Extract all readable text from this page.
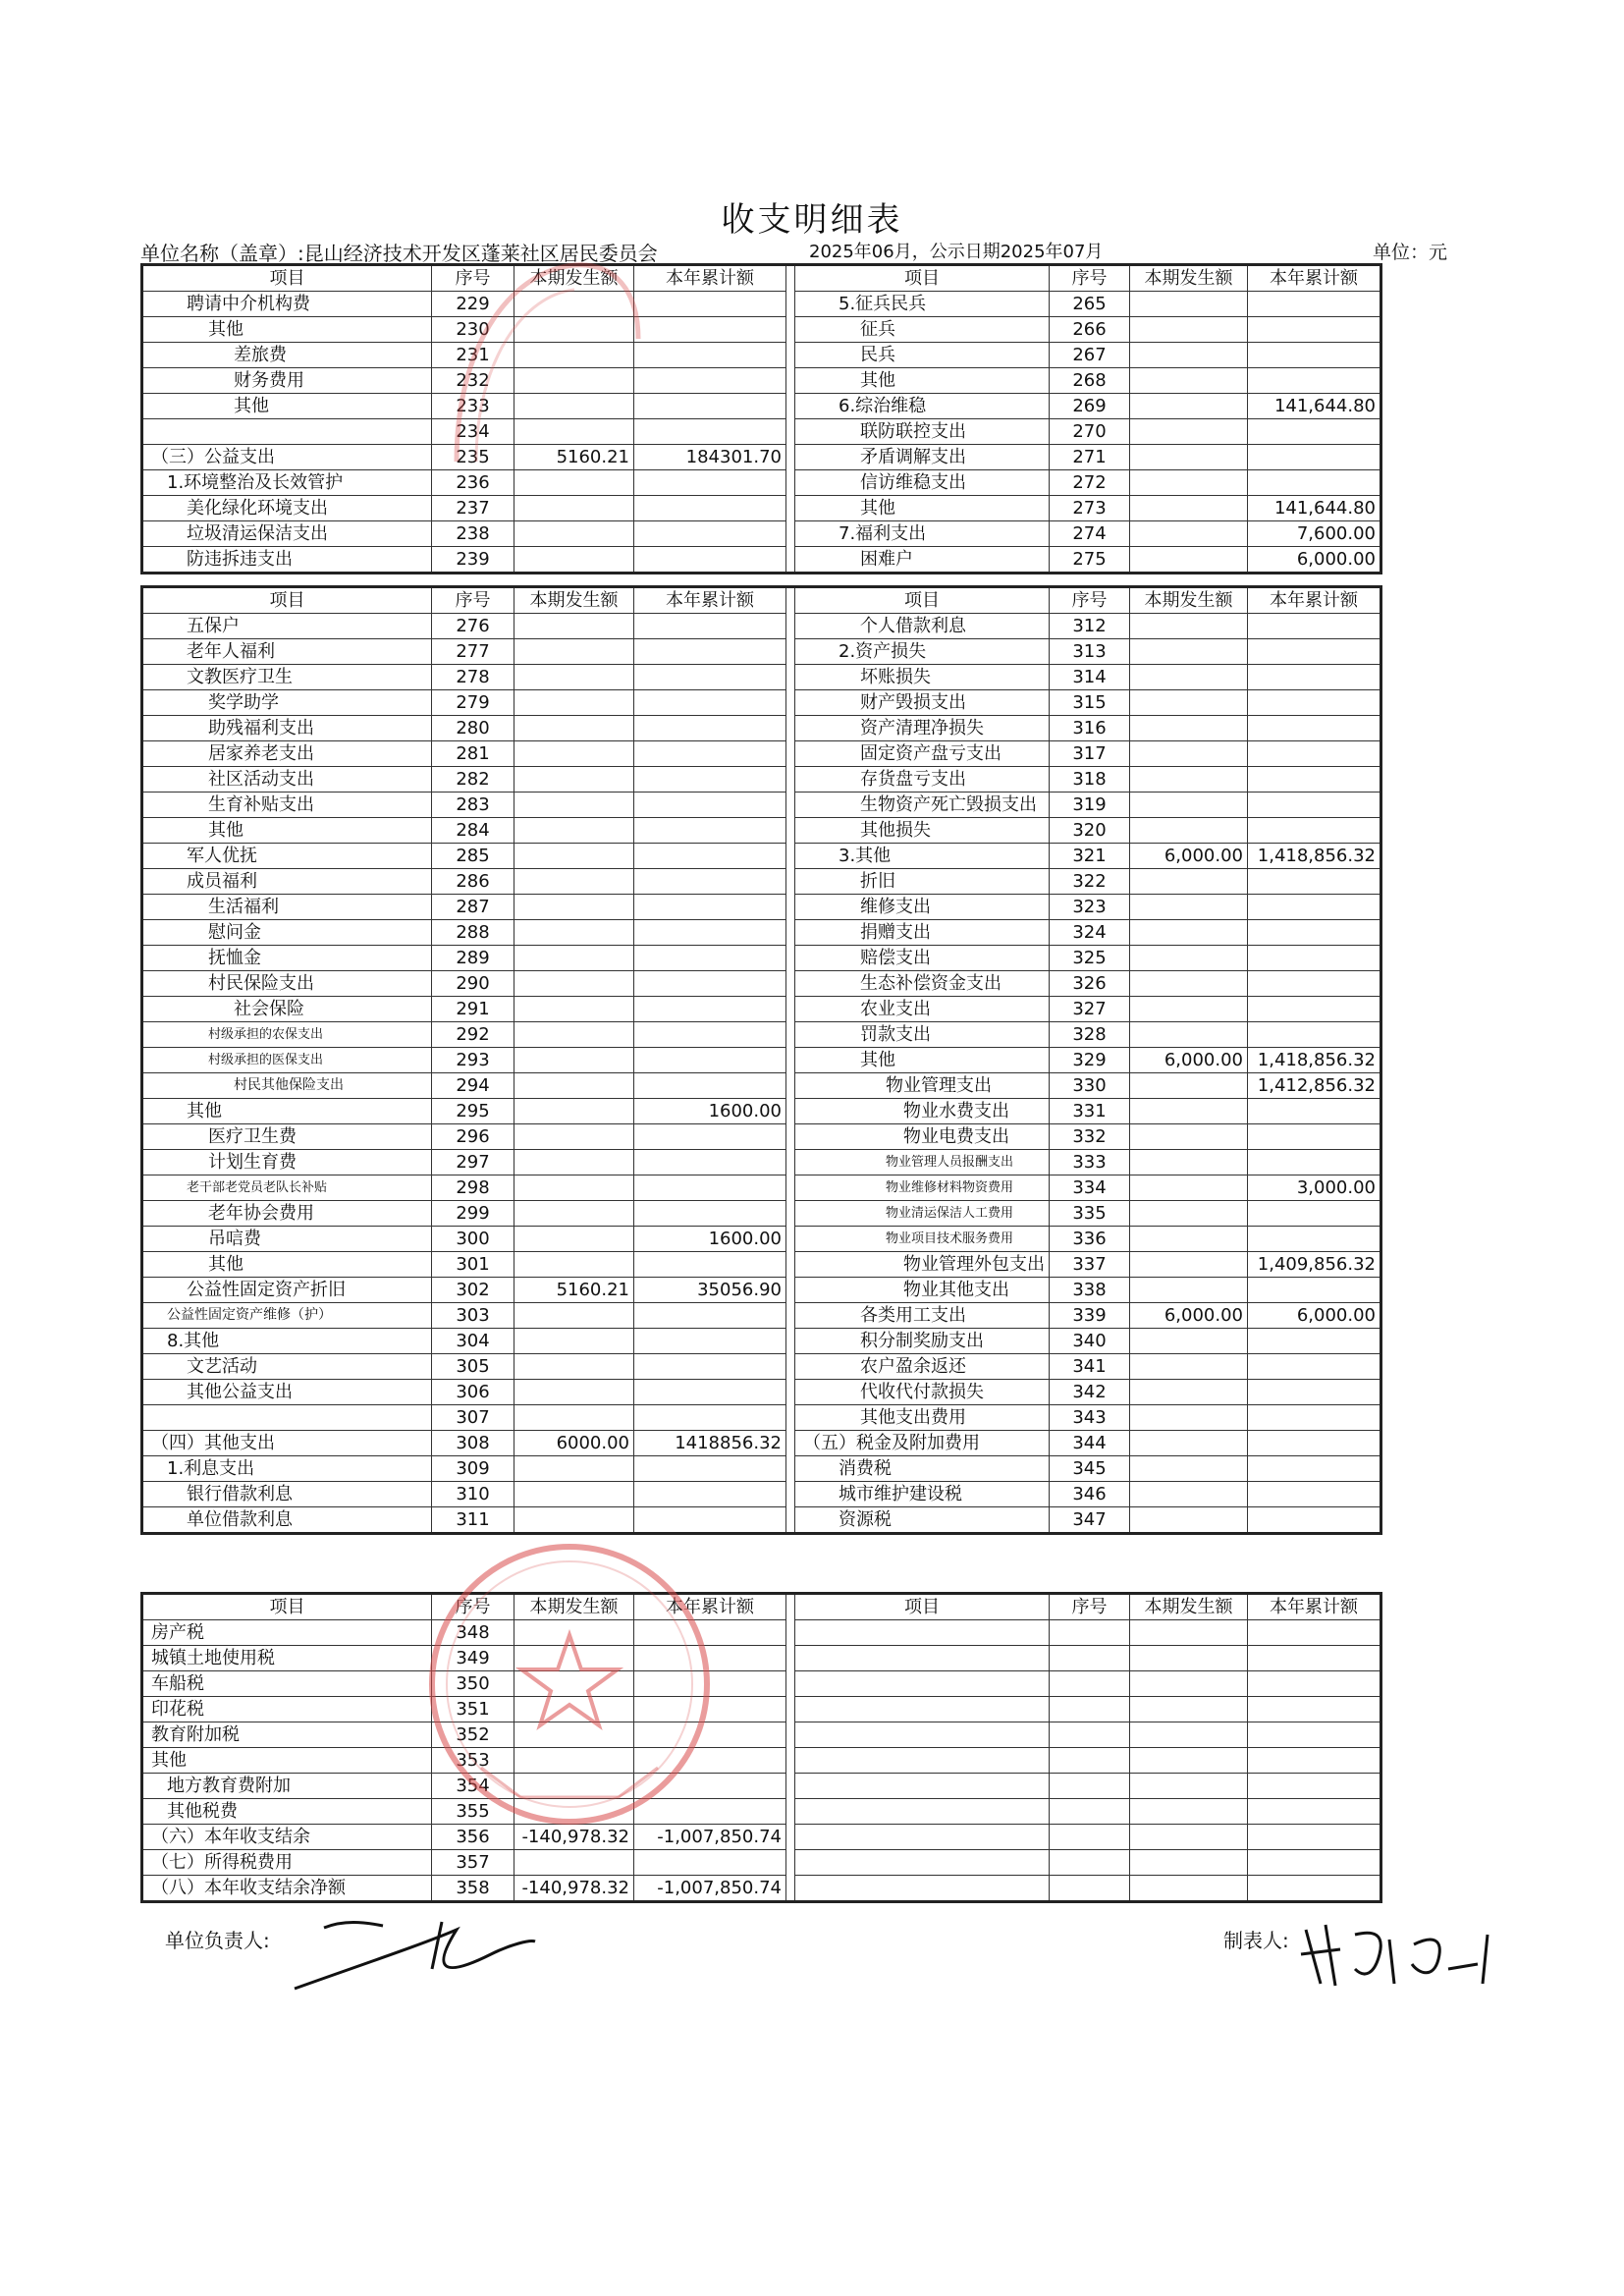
收支明细表
单位名称（盖章）:昆山经济技术开发区蓬莱社区居民委员会	2025年06月，公示日期2025年07月	单位：元
项目	序号	本期发生额	本年累计额		项目	序号	本期发生额	本年累计额
聘请中介机构费	229				5.征兵民兵	265		
其他	230				征兵	266		
差旅费	231				民兵	267		
财务费用	232				其他	268		
其他	233				6.综治维稳	269		141,644.80
	234				联防联控支出	270		
（三）公益支出	235	5160.21	184301.70		矛盾调解支出	271		
1.环境整治及长效管护	236				信访维稳支出	272		
美化绿化环境支出	237				其他	273		141,644.80
垃圾清运保洁支出	238				7.福利支出	274		7,600.00
防违拆违支出	239				困难户	275		6,000.00
项目	序号	本期发生额	本年累计额		项目	序号	本期发生额	本年累计额
五保户	276				个人借款利息	312		
老年人福利	277				2.资产损失	313		
文教医疗卫生	278				坏账损失	314		
奖学助学	279				财产毁损支出	315		
助残福利支出	280				资产清理净损失	316		
居家养老支出	281				固定资产盘亏支出	317		
社区活动支出	282				存货盘亏支出	318		
生育补贴支出	283				生物资产死亡毁损支出	319		
其他	284				其他损失	320		
军人优抚	285				3.其他	321	6,000.00	1,418,856.32
成员福利	286				折旧	322		
生活福利	287				维修支出	323		
慰问金	288				捐赠支出	324		
抚恤金	289				赔偿支出	325		
村民保险支出	290				生态补偿资金支出	326		
社会保险	291				农业支出	327		
村级承担的农保支出	292				罚款支出	328		
村级承担的医保支出	293				其他	329	6,000.00	1,418,856.32
村民其他保险支出	294				物业管理支出	330		1,412,856.32
其他	295		1600.00		物业水费支出	331		
医疗卫生费	296				物业电费支出	332		
计划生育费	297				物业管理人员报酬支出	333		
老干部老党员老队长补贴	298				物业维修材料物资费用	334		3,000.00
老年协会费用	299				物业清运保洁人工费用	335		
吊唁费	300		1600.00		物业项目技术服务费用	336		
其他	301				物业管理外包支出	337		1,409,856.32
公益性固定资产折旧	302	5160.21	35056.90		物业其他支出	338		
公益性固定资产维修（护）	303				各类用工支出	339	6,000.00	6,000.00
8.其他	304				积分制奖励支出	340		
文艺活动	305				农户盈余返还	341		
其他公益支出	306				代收代付款损失	342		
	307				其他支出费用	343		
（四）其他支出	308	6000.00	1418856.32		（五）税金及附加费用	344		
1.利息支出	309				消费税	345		
银行借款利息	310				城市维护建设税	346		
单位借款利息	311				资源税	347		
项目	序号	本期发生额	本年累计额		项目	序号	本期发生额	本年累计额
房产税	348							
城镇土地使用税	349							
车船税	350							
印花税	351							
教育附加税	352							
其他	353							
地方教育费附加	354							
其他税费	355							
（六）本年收支结余	356	-140,978.32	-1,007,850.74					
（七）所得税费用	357							
（八）本年收支结余净额	358	-140,978.32	-1,007,850.74					
单位负责人:	制表人:
